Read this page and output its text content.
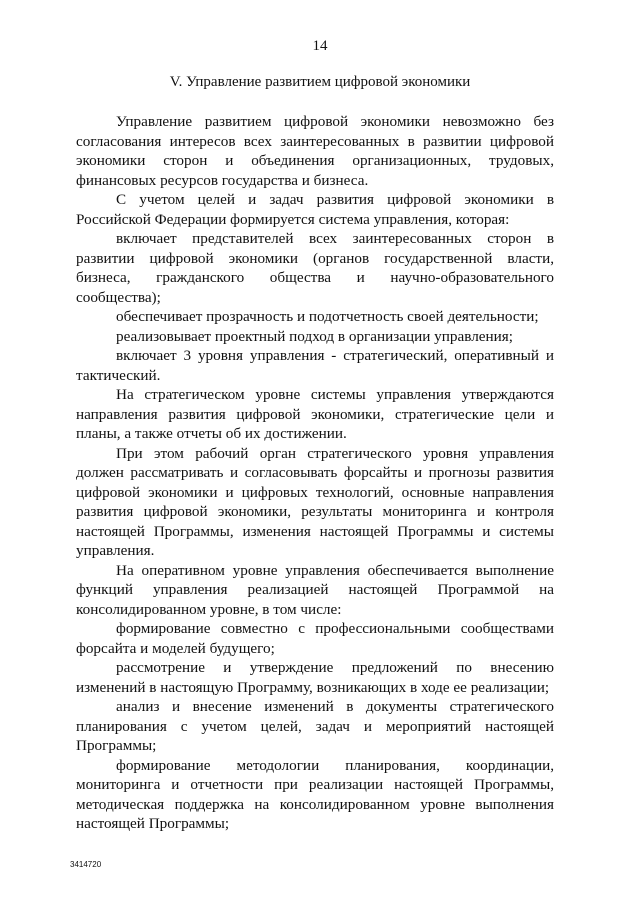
14
V. Управление развитием цифровой экономики

Управление развитием цифровой экономики невозможно без согласования интересов всех заинтересованных в развитии цифровой экономики сторон и объединения организационных, трудовых, финансовых ресурсов государства и бизнеса.

С учетом целей и задач развития цифровой экономики в Российской Федерации формируется система управления, которая:

включает представителей всех заинтересованных сторон в развитии цифровой экономики (органов государственной власти, бизнеса, гражданского общества и научно-образовательного сообщества);

обеспечивает прозрачность и подотчетность своей деятельности;

реализовывает проектный подход в организации управления;

включает 3 уровня управления - стратегический, оперативный и тактический.

На стратегическом уровне системы управления утверждаются направления развития цифровой экономики, стратегические цели и планы, а также отчеты об их достижении.

При этом рабочий орган стратегического уровня управления должен рассматривать и согласовывать форсайты и прогнозы развития цифровой экономики и цифровых технологий, основные направления развития цифровой экономики, результаты мониторинга и контроля настоящей Программы, изменения настоящей Программы и системы управления.

На оперативном уровне управления обеспечивается выполнение функций управления реализацией настоящей Программой на консолидированном уровне, в том числе:

формирование совместно с профессиональными сообществами форсайта и моделей будущего;

рассмотрение и утверждение предложений по внесению изменений в настоящую Программу, возникающих в ходе ее реализации;

анализ и внесение изменений в документы стратегического планирования с учетом целей, задач и мероприятий настоящей Программы;

формирование методологии планирования, координации, мониторинга и отчетности при реализации настоящей Программы, методическая поддержка на консолидированном уровне выполнения настоящей Программы;

3414720
